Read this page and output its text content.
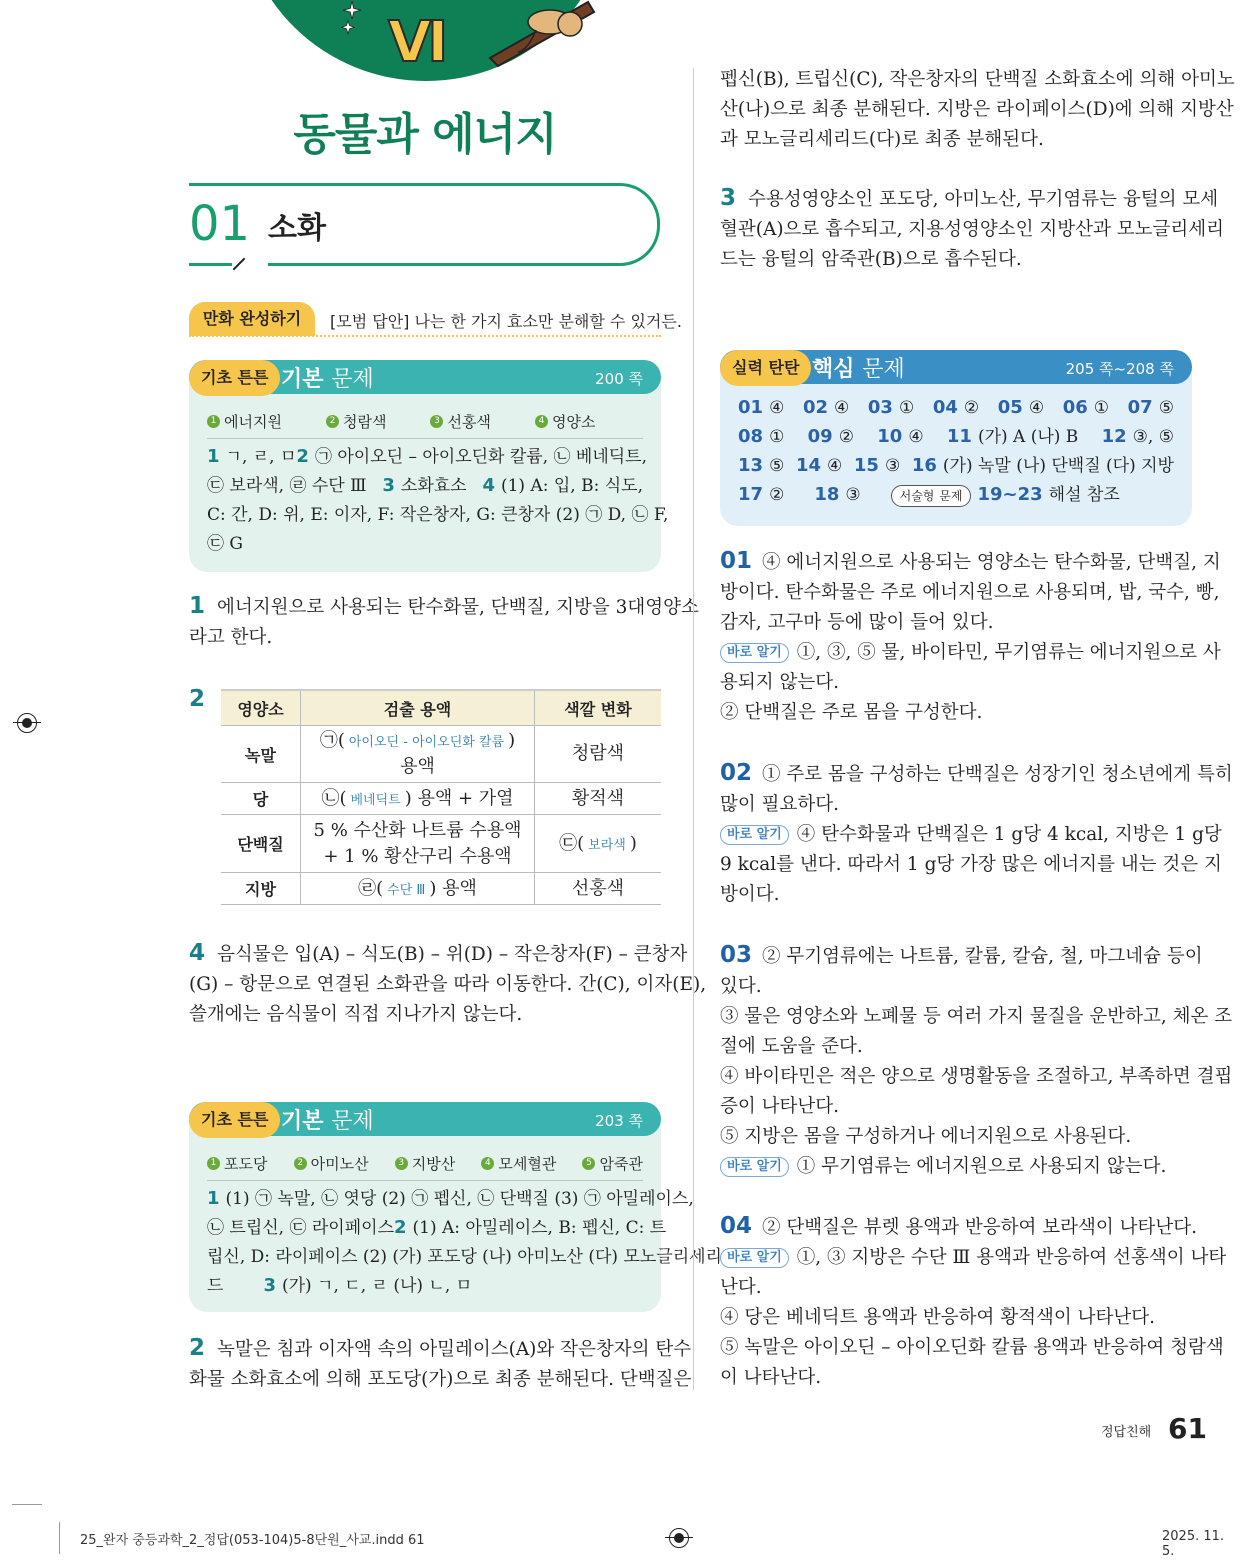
VI
동물과 에너지
01 소화
만화 완성하기	[모범 답안] 나는 한 가지 효소만 분해할 수 있거든.
기초 튼튼 기본 문제	200 쪽
1 에너지원	2 청람색	3 선홍색	4 영양소
1 ㄱ, ㄹ, ㅁ 2 ㉠ 아이오딘 – 아이오딘화 칼륨, ㉡ 베네딕트,
㉢ 보라색, ㉣ 수단 Ⅲ 3 소화효소 4 (1) A: 입, B: 식도,
C: 간, D: 위, E: 이자, F: 작은창자, G: 큰창자 (2) ㉠ D, ㉡ F,
㉢ G
1 에너지원으로 사용되는 탄수화물, 단백질, 지방을 3대영양소
라고 한다.
2 영양소	검출 용액	색깔 변화
녹말	㉠( 아이오딘 - 아이오딘화 칼륨 )
용액	청람색
당	㉡( 베네딕트 ) 용액 + 가열	황적색
단백질	5 % 수산화 나트륨 수용액
+ 1 % 황산구리 수용액	㉢( 보라색 )
지방	㉣( 수단 Ⅲ ) 용액	선홍색
4 음식물은 입(A) – 식도(B) – 위(D) – 작은창자(F) – 큰창자
(G) – 항문으로 연결된 소화관을 따라 이동한다. 간(C), 이자(E),
쓸개에는 음식물이 직접 지나가지 않는다.
기초 튼튼 기본 문제	203 쪽
1 포도당	2 아미노산	3 지방산	4 모세혈관	5 암죽관
1 (1) ㉠ 녹말, ㉡ 엿당 (2) ㉠ 펩신, ㉡ 단백질 (3) ㉠ 아밀레이스,
㉡ 트립신, ㉢ 라이페이스 2 (1) A: 아밀레이스, B: 펩신, C: 트
립신, D: 라이페이스 (2) (가) 포도당 (나) 아미노산 (다) 모노글리세리
드 3 (가) ㄱ, ㄷ, ㄹ (나) ㄴ, ㅁ
2 녹말은 침과 이자액 속의 아밀레이스(A)와 작은창자의 탄수
화물 소화효소에 의해 포도당(가)으로 최종 분해된다. 단백질은
펩신(B), 트립신(C), 작은창자의 단백질 소화효소에 의해 아미노
산(나)으로 최종 분해된다. 지방은 라이페이스(D)에 의해 지방산
과 모노글리세리드(다)로 최종 분해된다.
3 수용성영양소인 포도당, 아미노산, 무기염류는 융털의 모세
혈관(A)으로 흡수되고, 지용성영양소인 지방산과 모노글리세리
드는 융털의 암죽관(B)으로 흡수된다.
실력 탄탄 핵심 문제	205 쪽~208 쪽
01 ④ 02 ④ 03 ① 04 ② 05 ④ 06 ① 07 ⑤
08 ① 09 ② 10 ④ 11 (가) A (나) B 12 ③, ⑤
13 ⑤ 14 ④ 15 ③ 16 (가) 녹말 (나) 단백질 (다) 지방
17 ② 18 ③	서술형 문제 19~23 해설 참조
01 ④ 에너지원으로 사용되는 영양소는 탄수화물, 단백질, 지
방이다. 탄수화물은 주로 에너지원으로 사용되며, 밥, 국수, 빵,
감자, 고구마 등에 많이 들어 있다.
바로 알기 ①, ③, ⑤ 물, 바이타민, 무기염류는 에너지원으로 사
용되지 않는다.
② 단백질은 주로 몸을 구성한다.
02 ① 주로 몸을 구성하는 단백질은 성장기인 청소년에게 특히
많이 필요하다.
바로 알기 ④ 탄수화물과 단백질은 1 g당 4 kcal, 지방은 1 g당
9 kcal를 낸다. 따라서 1 g당 가장 많은 에너지를 내는 것은 지
방이다.
03 ② 무기염류에는 나트륨, 칼륨, 칼슘, 철, 마그네슘 등이
있다.
③ 물은 영양소와 노폐물 등 여러 가지 물질을 운반하고, 체온 조
절에 도움을 준다.
④ 바이타민은 적은 양으로 생명활동을 조절하고, 부족하면 결핍
증이 나타난다.
⑤ 지방은 몸을 구성하거나 에너지원으로 사용된다.
바로 알기 ① 무기염류는 에너지원으로 사용되지 않는다.
04 ② 단백질은 뷰렛 용액과 반응하여 보라색이 나타난다.
바로 알기 ①, ③ 지방은 수단 Ⅲ 용액과 반응하여 선홍색이 나타
난다.
④ 당은 베네딕트 용액과 반응하여 황적색이 나타난다.
⑤ 녹말은 아이오딘 – 아이오딘화 칼륨 용액과 반응하여 청람색
이 나타난다.
정답친해 61
25_완자 중등과학_2_정답(053-104)5-8단원_사교.indd 61	2025. 11. 5.
